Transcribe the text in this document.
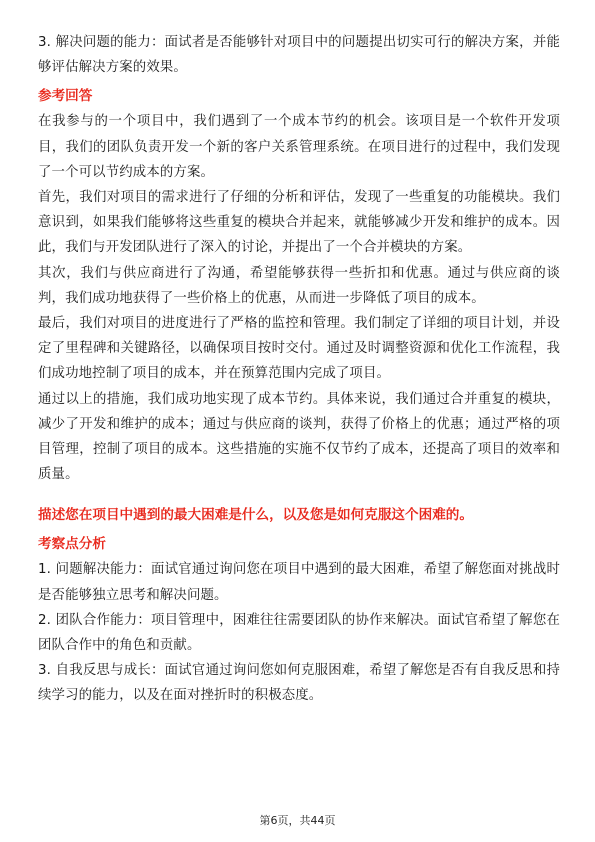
3. 解决问题的能力：面试者是否能够针对项目中的问题提出切实可行的解决方案，并能够评估解决方案的效果。

参考回答

在我参与的一个项目中，我们遇到了一个成本节约的机会。该项目是一个软件开发项目，我们的团队负责开发一个新的客户关系管理系统。在项目进行的过程中，我们发现了一个可以节约成本的方案。

首先，我们对项目的需求进行了仔细的分析和评估，发现了一些重复的功能模块。我们意识到，如果我们能够将这些重复的模块合并起来，就能够减少开发和维护的成本。因此，我们与开发团队进行了深入的讨论，并提出了一个合并模块的方案。

其次，我们与供应商进行了沟通，希望能够获得一些折扣和优惠。通过与供应商的谈判，我们成功地获得了一些价格上的优惠，从而进一步降低了项目的成本。

最后，我们对项目的进度进行了严格的监控和管理。我们制定了详细的项目计划，并设定了里程碑和关键路径，以确保项目按时交付。通过及时调整资源和优化工作流程，我们成功地控制了项目的成本，并在预算范围内完成了项目。

通过以上的措施，我们成功地实现了成本节约。具体来说，我们通过合并重复的模块，减少了开发和维护的成本；通过与供应商的谈判，获得了价格上的优惠；通过严格的项目管理，控制了项目的成本。这些措施的实施不仅节约了成本，还提高了项目的效率和质量。

描述您在项目中遇到的最大困难是什么，以及您是如何克服这个困难的。

考察点分析

1. 问题解决能力：面试官通过询问您在项目中遇到的最大困难，希望了解您面对挑战时是否能够独立思考和解决问题。

2. 团队合作能力：项目管理中，困难往往需要团队的协作来解决。面试官希望了解您在团队合作中的角色和贡献。

3. 自我反思与成长：面试官通过询问您如何克服困难，希望了解您是否有自我反思和持续学习的能力，以及在面对挫折时的积极态度。

第6页，共44页
